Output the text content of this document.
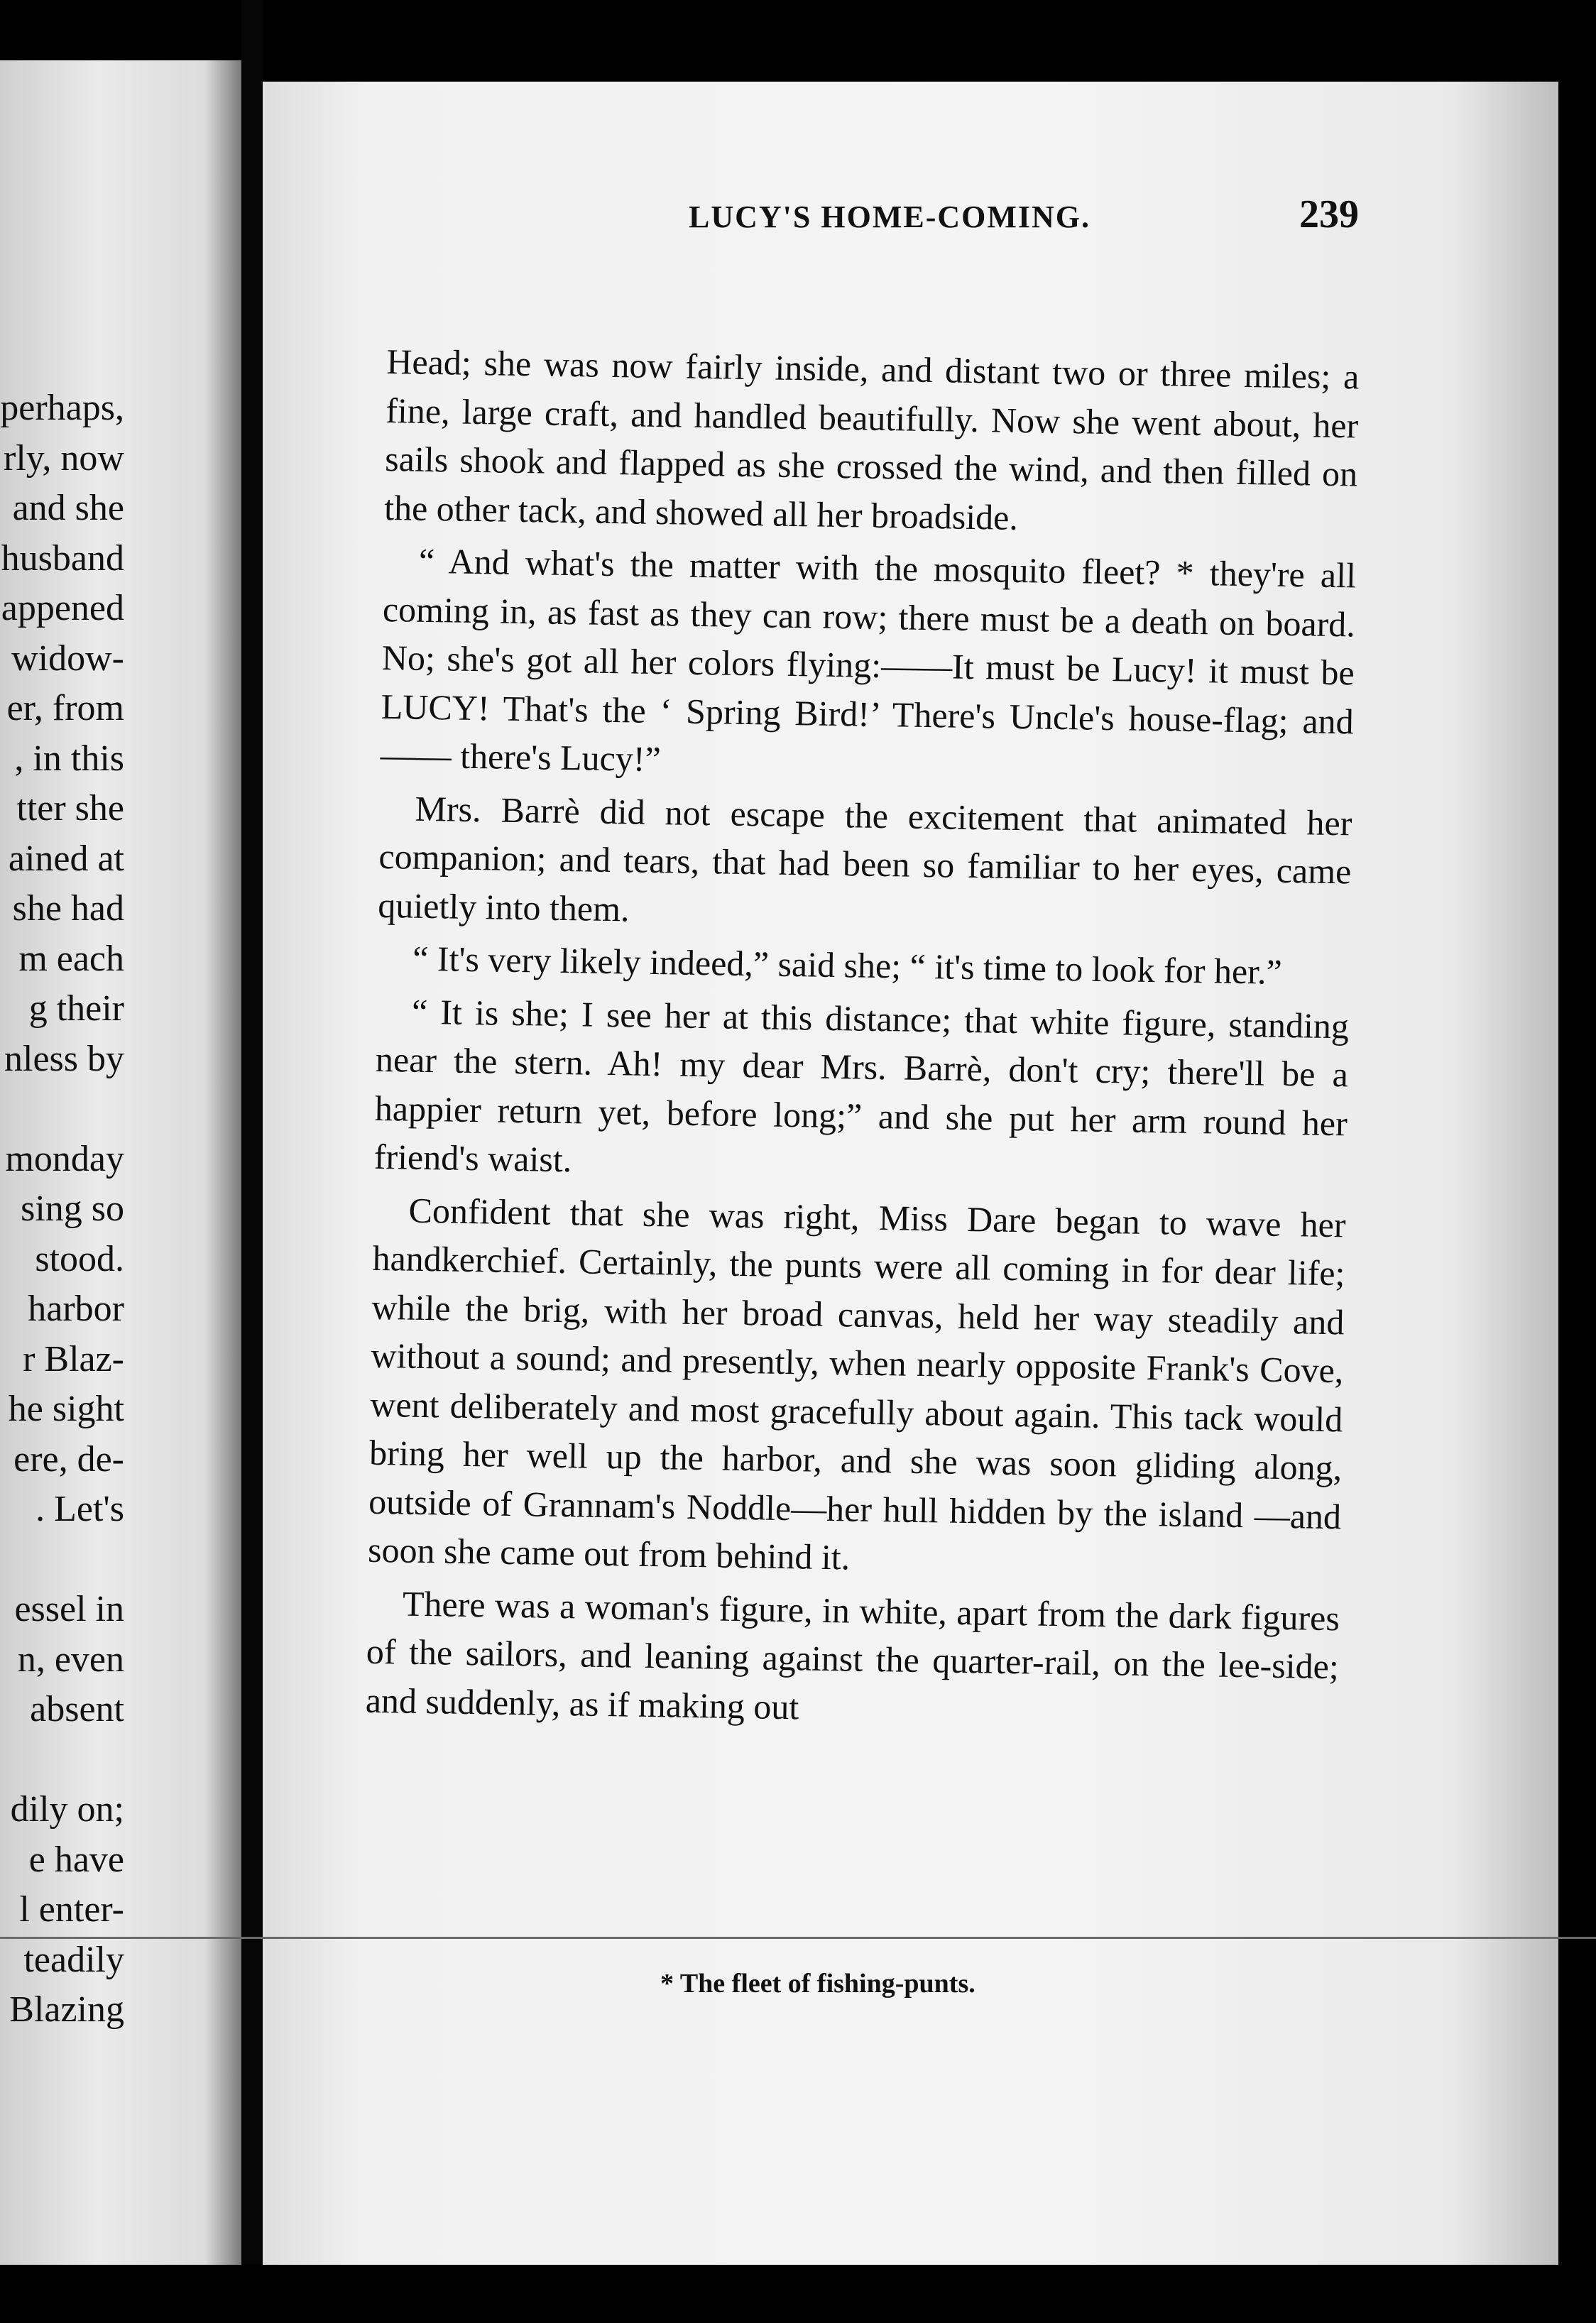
perhaps,
rly, now
and she
husband
appened
widow-
er, from
, in this
tter she
ained at
she had
m each
g their
nless by
monday
sing so
stood.
harbor
r Blaz-
he sight
ere, de-
. Let's
essel in
n, even
absent
dily on;
e have
l enter-
teadily
Blazing
LUCY'S HOME-COMING.	239

Head; she was now fairly inside, and distant two or three miles; a fine, large craft, and handled beautifully. Now she went about, her sails shook and flapped as she crossed the wind, and then filled on the other tack, and showed all her broadside.

“ And what's the matter with the mosquito fleet? * they're all coming in, as fast as they can row; there must be a death on board. No; she's got all her colors flying:——It must be Lucy! it must be LUCY! That's the ‘ Spring Bird!’ There's Uncle's house-flag; and—— there's Lucy!”

Mrs. Barrè did not escape the excitement that animated her companion; and tears, that had been so familiar to her eyes, came quietly into them.

“ It's very likely indeed,” said she; “ it's time to look for her.”

“ It is she; I see her at this distance; that white figure, standing near the stern. Ah! my dear Mrs. Barrè, don't cry; there'll be a happier return yet, before long;” and she put her arm round her friend's waist.

Confident that she was right, Miss Dare began to wave her handkerchief. Certainly, the punts were all coming in for dear life; while the brig, with her broad canvas, held her way steadily and without a sound; and presently, when nearly opposite Frank's Cove, went deliberately and most gracefully about again. This tack would bring her well up the harbor, and she was soon gliding along, outside of Grannam's Noddle—her hull hidden by the island —and soon she came out from behind it.

There was a woman's figure, in white, apart from the dark figures of the sailors, and leaning against the quarter-rail, on the lee-side; and suddenly, as if making out

* The fleet of fishing-punts.
